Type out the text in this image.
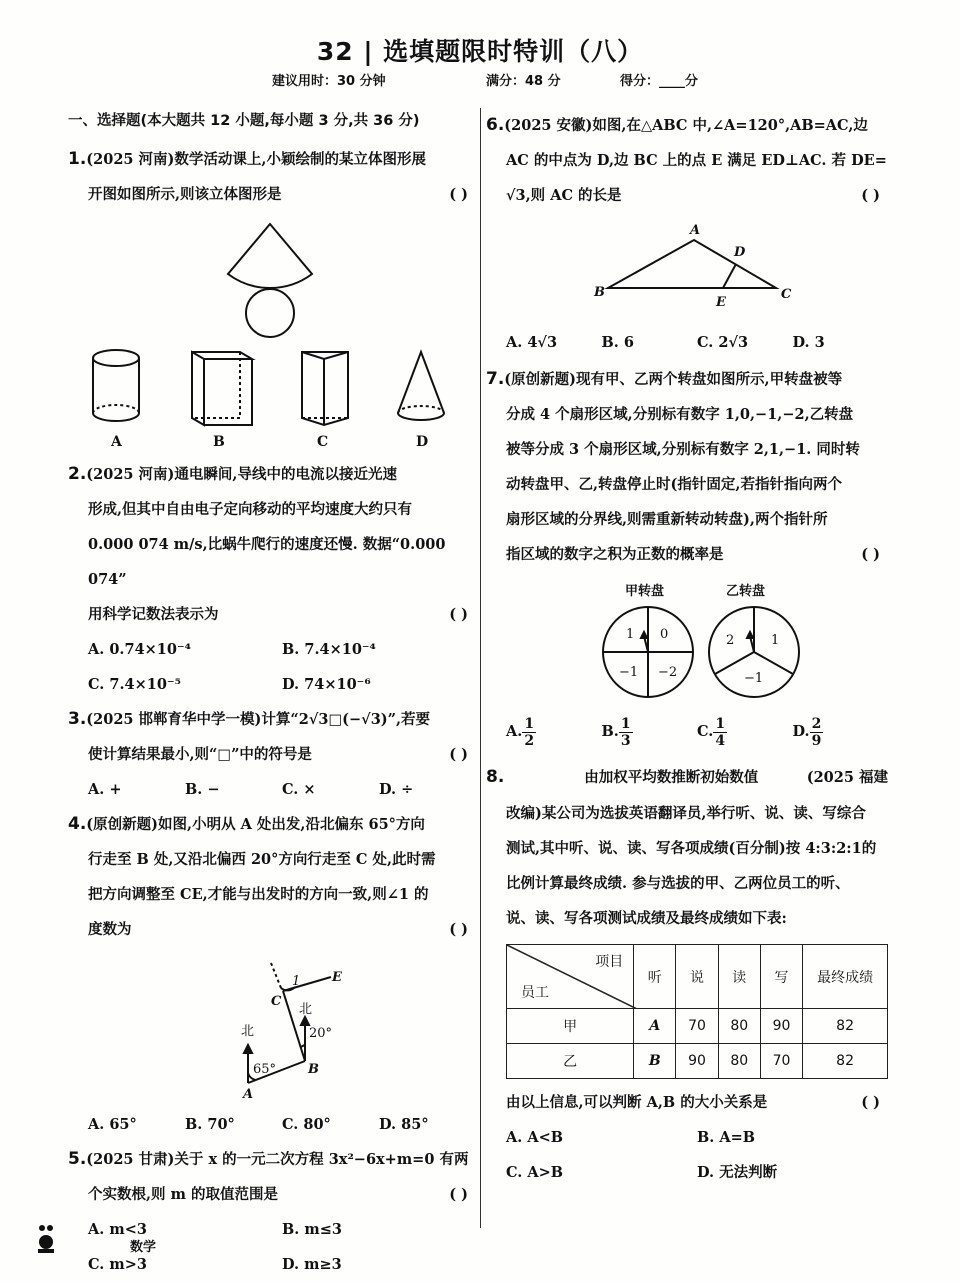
32 | 选填题限时特训（八）
建议用时：30 分钟	满分：48 分	得分：____分
一、选择题(本大题共 12 小题,每小题 3 分,共 36 分)
1.(2025 河南)数学活动课上,小颖绘制的某立体图形展
开图如图所示,则该立体图形是	( )
A	B	C	D
2.(2025 河南)通电瞬间,导线中的电流以接近光速
形成,但其中自由电子定向移动的平均速度大约只有
0.000 074 m/s,比蜗牛爬行的速度还慢. 数据“0.000 074”
用科学记数法表示为	( )
A. 0.74×10⁻⁴	B. 7.4×10⁻⁴
C. 7.4×10⁻⁵	D. 74×10⁻⁶
3.(2025 邯郸育华中学一模)计算“2√3□(−√3)”,若要
使计算结果最小,则“□”中的符号是	( )
A. +	B. −	C. ×	D. ÷
4.(原创新题)如图,小明从 A 处出发,沿北偏东 65°方向
行走至 B 处,又沿北偏西 20°方向行走至 C 处,此时需
把方向调整至 CE,才能与出发时的方向一致,则∠1 的
度数为	( )
北
北
20°
65°
1
C
E
B
A
A. 65°	B. 70°	C. 80°	D. 85°
5.(2025 甘肃)关于 x 的一元二次方程 3x²−6x+m=0 有两
个实数根,则 m 的取值范围是	( )
A. m<3	B. m≤3
C. m>3	D. m≥3
6.(2025 安徽)如图,在△ABC 中,∠A=120°,AB=AC,边
AC 的中点为 D,边 BC 上的点 E 满足 ED⊥AC. 若 DE=
√3,则 AC 的长是	( )
A
B	C
D
E
A. 4√3	B. 6	C. 2√3	D. 3
7.(原创新题)现有甲、乙两个转盘如图所示,甲转盘被等
分成 4 个扇形区域,分别标有数字 1,0,−1,−2,乙转盘
被等分成 3 个扇形区域,分别标有数字 2,1,−1. 同时转
动转盘甲、乙,转盘停止时(指针固定,若指针指向两个
扇形区域的分界线,则需重新转动转盘),两个指针所
指区域的数字之积为正数的概率是	( )
甲转盘	乙转盘
1 0
−1 −2
2	1
−1
A. $\frac{1}{2}$	B. $\frac{1}{3}$	C. $\frac{1}{4}$	D. $\frac{2}{9}$
8.	由加权平均数推断初始数值	(2025 福建
改编)某公司为选拔英语翻译员,举行听、说、读、写综合
测试,其中听、说、读、写各项成绩(百分制)按 4:3:2:1的
比例计算最终成绩. 参与选拔的甲、乙两位员工的听、
说、读、写各项测试成绩及最终成绩如下表:
项目
员工	听	说	读	写	最终成绩
甲	A	70	80	90	82
乙	B	90	80	70	82
由以上信息,可以判断 A,B 的大小关系是	( )
A. A<B	B. A=B
C. A>B	D. 无法判断
数学
